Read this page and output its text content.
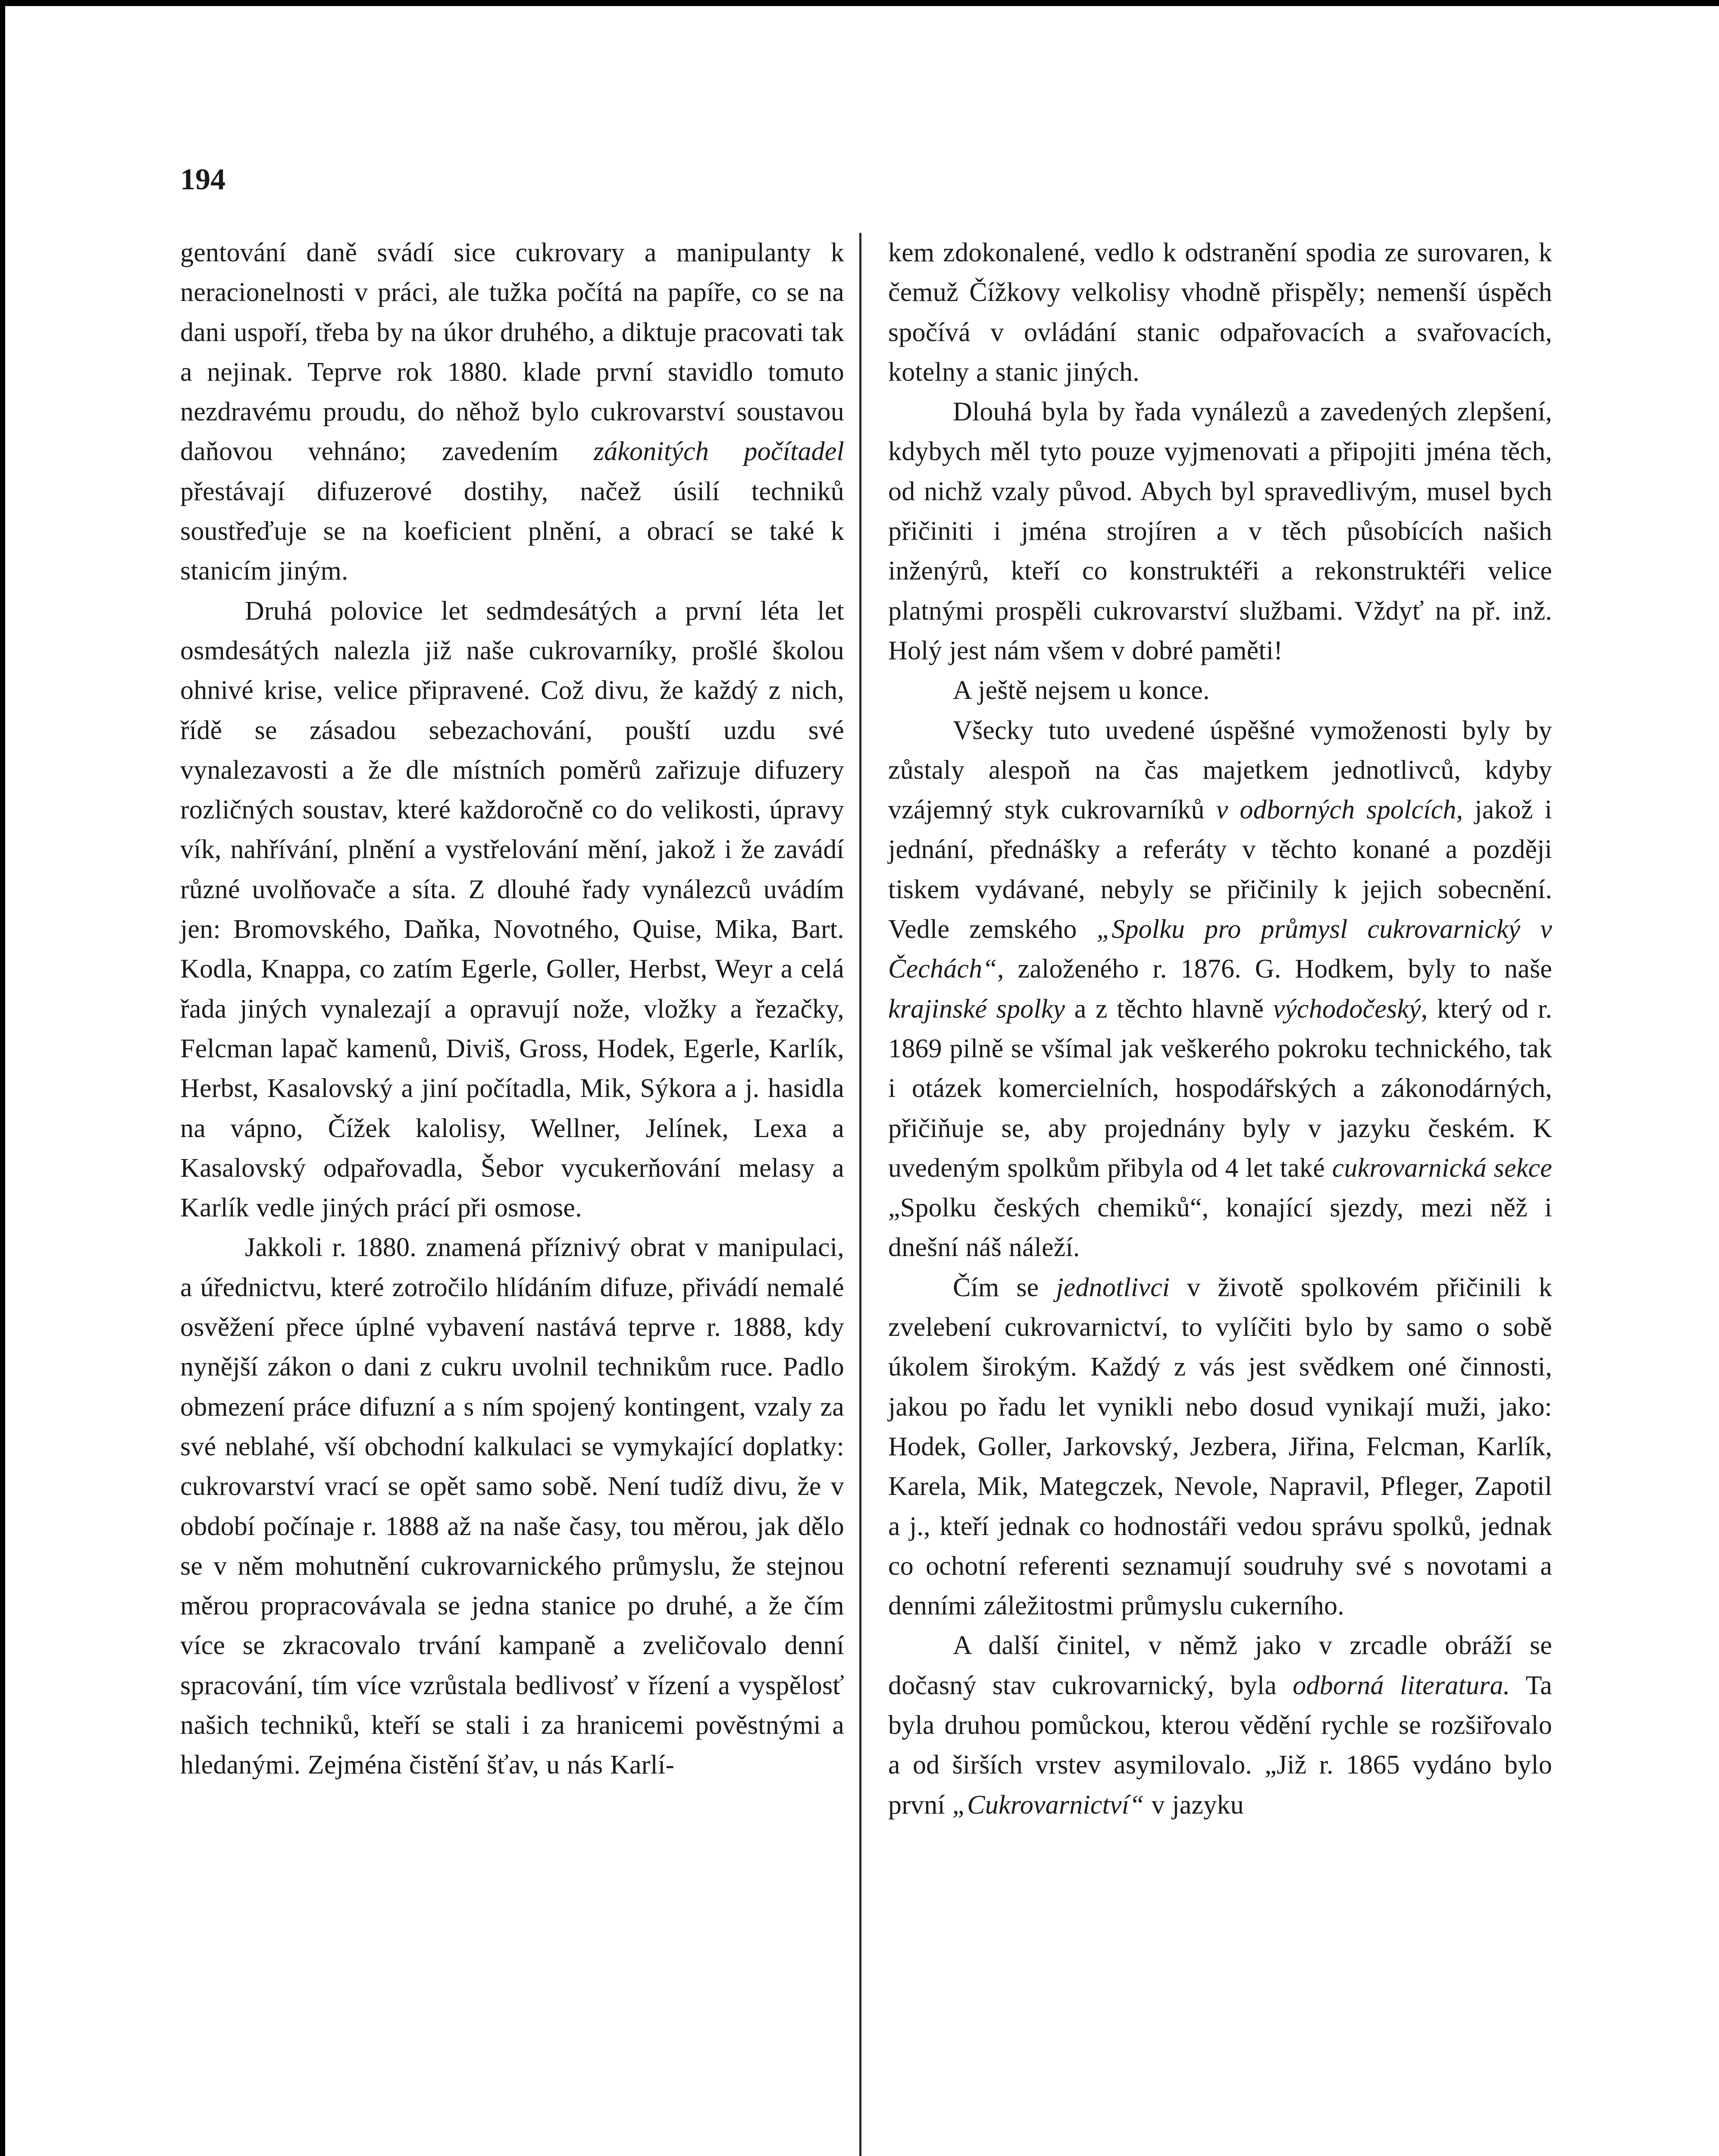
194

gentování daně svádí sice cukrovary a manipulanty k neracionelnosti v práci, ale tužka počítá na papíře, co se na dani uspoří, třeba by na úkor druhého, a diktuje pracovati tak a nejinak. Teprve rok 1880. klade první stavidlo tomuto nezdravému proudu, do něhož bylo cukrovarství soustavou daňovou vehnáno; zavedením zákonitých počítadel přestávají difuzerové dostihy, načež úsilí techniků soustřeďuje se na koeficient plnění, a obrací se také k stanicím jiným.

Druhá polovice let sedmdesátých a první léta let osmdesátých nalezla již naše cukrovarníky, prošlé školou ohnivé krise, velice připravené. Což divu, že každý z nich, řídě se zásadou sebezachování, pouští uzdu své vynalezavosti a že dle místních poměrů zařizuje difuzery rozličných soustav, které každoročně co do velikosti, úpravy vík, nahřívání, plnění a vystřelování mění, jakož i že zavádí různé uvolňovače a síta. Z dlouhé řady vynálezců uvádím jen: Bromovského, Daňka, Novotného, Quise, Mika, Bart. Kodla, Knappa, co zatím Egerle, Goller, Herbst, Weyr a celá řada jiných vynalezají a opravují nože, vložky a řezačky, Felcman lapač kamenů, Diviš, Gross, Hodek, Egerle, Karlík, Herbst, Kasalovský a jiní počítadla, Mik, Sýkora a j. hasidla na vápno, Čížek kalolisy, Wellner, Jelínek, Lexa a Kasalovský odpařovadla, Šebor vycukerňování melasy a Karlík vedle jiných prácí při osmose.

Jakkoli r. 1880. znamená příznivý obrat v manipulaci, a úřednictvu, které zotročilo hlídáním difuze, přivádí nemalé osvěžení přece úplné vybavení nastává teprve r. 1888, kdy nynější zákon o dani z cukru uvolnil technikům ruce. Padlo obmezení práce difuzní a s ním spojený kontingent, vzaly za své neblahé, vší obchodní kalkulaci se vymykající doplatky: cukrovarství vrací se opět samo sobě. Není tudíž divu, že v období počínaje r. 1888 až na naše časy, tou měrou, jak dělo se v něm mohutnění cukrovarnického průmyslu, že stejnou měrou propracovávala se jedna stanice po druhé, a že čím více se zkracovalo trvání kampaně a zveličovalo denní spracování, tím více vzrůstala bedlivosť v řízení a vyspělosť našich techniků, kteří se stali i za hranicemi pověstnými a hledanými. Zejména čistění šťav, u nás Karlí-

kem zdokonalené, vedlo k odstranění spodia ze surovaren, k čemuž Čížkovy velkolisy vhodně přispěly; nemenší úspěch spočívá v ovládání stanic odpařovacích a svařovacích, kotelny a stanic jiných.

Dlouhá byla by řada vynálezů a zavedených zlepšení, kdybych měl tyto pouze vyjmenovati a připojiti jména těch, od nichž vzaly původ. Abych byl spravedlivým, musel bych přičiniti i jména strojíren a v těch působících našich inženýrů, kteří co konstruktéři a rekonstruktéři velice platnými prospěli cukrovarství službami. Vždyť na př. inž. Holý jest nám všem v dobré paměti!

A ještě nejsem u konce.

Všecky tuto uvedené úspěšné vymoženosti byly by zůstaly alespoň na čas majetkem jednotlivců, kdyby vzájemný styk cukrovarníků v odborných spolcích, jakož i jednání, přednášky a referáty v těchto konané a později tiskem vydávané, nebyly se přičinily k jejich sobecnění. Vedle zemského „Spolku pro průmysl cukrovarnický v Čechách“, založeného r. 1876. G. Hodkem, byly to naše krajinské spolky a z těchto hlavně východočeský, který od r. 1869 pilně se všímal jak veškerého pokroku technického, tak i otázek komercielních, hospodářských a zákonodárných, přičiňuje se, aby projednány byly v jazyku českém. K uvedeným spolkům přibyla od 4 let také cukrovarnická sekce „Spolku českých chemiků“, konající sjezdy, mezi něž i dnešní náš náleží.

Čím se jednotlivci v životě spolkovém přičinili k zvelebení cukrovarnictví, to vylíčiti bylo by samo o sobě úkolem širokým. Každý z vás jest svědkem oné činnosti, jakou po řadu let vynikli nebo dosud vynikají muži, jako: Hodek, Goller, Jarkovský, Jezbera, Jiřina, Felcman, Karlík, Karela, Mik, Mategczek, Nevole, Napravil, Pfleger, Zapotil a j., kteří jednak co hodnostáři vedou správu spolků, jednak co ochotní referenti seznamují soudruhy své s novotami a denními záležitostmi průmyslu cukerního.

A další činitel, v němž jako v zrcadle obráží se dočasný stav cukrovarnický, byla odborná literatura. Ta byla druhou pomůckou, kterou vědění rychle se rozšiřovalo a od širších vrstev asymilovalo. „Již r. 1865 vydáno bylo první „Cukrovarnictví“ v jazyku
